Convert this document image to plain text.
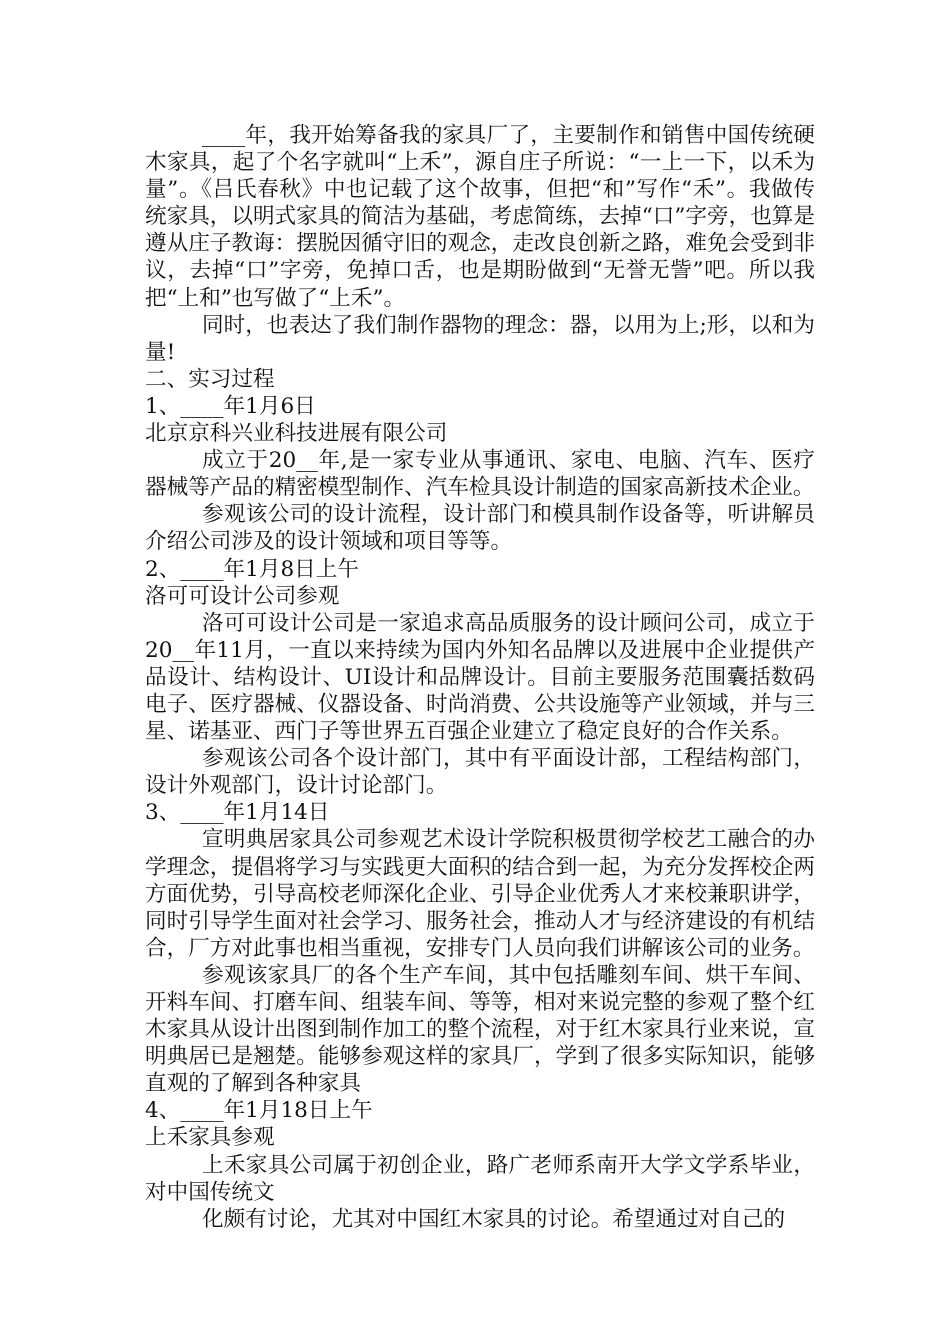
____年，我开始筹备我的家具厂了，主要制作和销售中国传统硬木家具，起了个名字就叫“上禾”，源自庄子所说：“一上一下，以禾为量”。《吕氏春秋》中也记载了这个故事，但把“和”写作“禾”。我做传统家具，以明式家具的简洁为基础，考虑简练，去掉“口”字旁，也算是遵从庄子教诲：摆脱因循守旧的观念，走改良创新之路，难免会受到非议，去掉“口”字旁，免掉口舌，也是期盼做到“无誉无訾”吧。所以我把“上和”也写做了“上禾”。

同时，也表达了我们制作器物的理念：器，以用为上;形，以和为量!

二、实习过程

1、____年1月6日

北京京科兴业科技进展有限公司

成立于20__年,是一家专业从事通讯、家电、电脑、汽车、医疗器械等产品的精密模型制作、汽车检具设计制造的国家高新技术企业。

参观该公司的设计流程，设计部门和模具制作设备等，听讲解员介绍公司涉及的设计领域和项目等等。

2、____年1月8日上午

洛可可设计公司参观

洛可可设计公司是一家追求高品质服务的设计顾问公司，成立于20__年11月，一直以来持续为国内外知名品牌以及进展中企业提供产品设计、结构设计、UI设计和品牌设计。目前主要服务范围囊括数码电子、医疗器械、仪器设备、时尚消费、公共设施等产业领域，并与三星、诺基亚、西门子等世界五百强企业建立了稳定良好的合作关系。

参观该公司各个设计部门，其中有平面设计部，工程结构部门，设计外观部门，设计讨论部门。

3、____年1月14日

宣明典居家具公司参观艺术设计学院积极贯彻学校艺工融合的办学理念，提倡将学习与实践更大面积的结合到一起，为充分发挥校企两方面优势，引导高校老师深化企业、引导企业优秀人才来校兼职讲学，同时引导学生面对社会学习、服务社会，推动人才与经济建设的有机结合，厂方对此事也相当重视，安排专门人员向我们讲解该公司的业务。

参观该家具厂的各个生产车间，其中包括雕刻车间、烘干车间、开料车间、打磨车间、组装车间、等等，相对来说完整的参观了整个红木家具从设计出图到制作加工的整个流程，对于红木家具行业来说，宣明典居已是翘楚。能够参观这样的家具厂，学到了很多实际知识，能够直观的了解到各种家具

4、____年1月18日上午

上禾家具参观

上禾家具公司属于初创企业，路广老师系南开大学文学系毕业，对中国传统文

化颇有讨论，尤其对中国红木家具的讨论。希望通过对自己的
